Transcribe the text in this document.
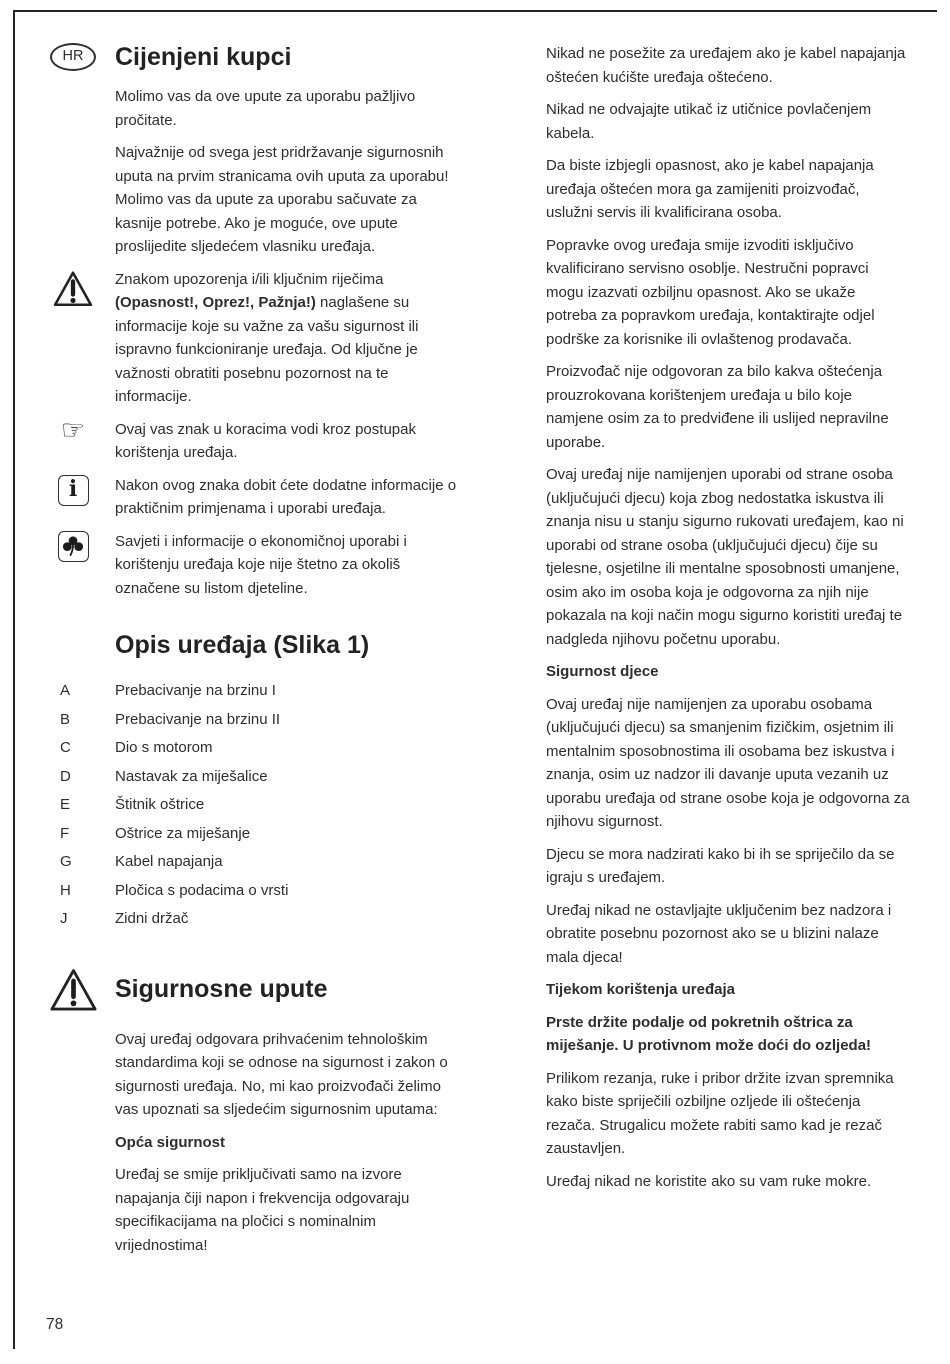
HR	Cijenjeni kupci

Molimo vas da ove upute za uporabu pažljivo pročitate.

Najvažnije od svega jest pridržavanje sigurnosnih uputa na prvim stranicama ovih uputa za uporabu! Molimo vas da upute za uporabu sačuvate za kasnije potrebe. Ako je moguće, ove upute proslijedite sljedećem vlasniku uređaja.

Znakom upozorenja i/ili ključnim riječima (Opasnost!, Oprez!, Pažnja!) naglašene su informacije koje su važne za vašu sigurnost ili ispravno funkcioniranje uređaja. Od ključne je važnosti obratiti posebnu pozornost na te informacije.
☞ Ovaj vas znak u koracima vodi kroz postupak korištenja uređaja.
i	Nakon ovog znaka dobit ćete dodatne informacije o praktičnim primjenama i uporabi uređaja.
Savjeti i informacije o ekonomičnoj uporabi i korištenju uređaja koje nije štetno za okoliš označene su listom djeteline.
Opis uređaja (Slika 1)
A	Prebacivanje na brzinu I
B	Prebacivanje na brzinu II
C	Dio s motorom
D	Nastavak za miješalice
E	Štitnik oštrice
F	Oštrice za miješanje
G	Kabel napajanja
H	Pločica s podacima o vrsti
J	Zidni držač
Sigurnosne upute

Ovaj uređaj odgovara prihvaćenim tehnološkim standardima koji se odnose na sigurnost i zakon o sigurnosti uređaja. No, mi kao proizvođači želimo vas upoznati sa sljedećim sigurnosnim uputama:

Opća sigurnost

Uređaj se smije priključivati samo na izvore napajanja čiji napon i frekvencija odgovaraju specifikacijama na pločici s nominalnim vrijednostima!
Nikad ne posežite za uređajem ako je kabel napajanja oštećen kućište uređaja oštećeno.
Nikad ne odvajajte utikač iz utičnice povlačenjem kabela.
Da biste izbjegli opasnost, ako je kabel napajanja uređaja oštećen mora ga zamijeniti proizvođač, uslužni servis ili kvalificirana osoba.
Popravke ovog uređaja smije izvoditi isključivo kvalificirano servisno osoblje. Nestručni popravci mogu izazvati ozbiljnu opasnost. Ako se ukaže potreba za popravkom uređaja, kontaktirajte odjel podrške za korisnike ili ovlaštenog prodavača.
Proizvođač nije odgovoran za bilo kakva oštećenja prouzrokovana korištenjem uređaja u bilo koje namjene osim za to predviđene ili uslijed nepravilne uporabe.
Ovaj uređaj nije namijenjen uporabi od strane osoba (uključujući djecu) koja zbog nedostatka iskustva ili znanja nisu u stanju sigurno rukovati uređajem, kao ni uporabi od strane osoba (uključujući djecu) čije su tjelesne, osjetilne ili mentalne sposobnosti umanjene, osim ako im osoba koja je odgovorna za njih nije pokazala na koji način mogu sigurno koristiti uređaj te nadgleda njihovu početnu uporabu.
Sigurnost djece
Ovaj uređaj nije namijenjen za uporabu osobama (uključujući djecu) sa smanjenim fizičkim, osjetnim ili mentalnim sposobnostima ili osobama bez iskustva i znanja, osim uz nadzor ili davanje uputa vezanih uz uporabu uređaja od strane osobe koja je odgovorna za njihovu sigurnost.
Djecu se mora nadzirati kako bi ih se spriječilo da se igraju s uređajem.
Uređaj nikad ne ostavljajte uključenim bez nadzora i obratite posebnu pozornost ako se u blizini nalaze mala djeca!
Tijekom korištenja uređaja
Prste držite podalje od pokretnih oštrica za miješanje. U protivnom može doći do ozljeda!
Prilikom rezanja, ruke i pribor držite izvan spremnika kako biste spriječili ozbiljne ozljede ili oštećenja rezača. Strugalicu možete rabiti samo kad je rezač zaustavljen.
Uređaj nikad ne koristite ako su vam ruke mokre.
78
